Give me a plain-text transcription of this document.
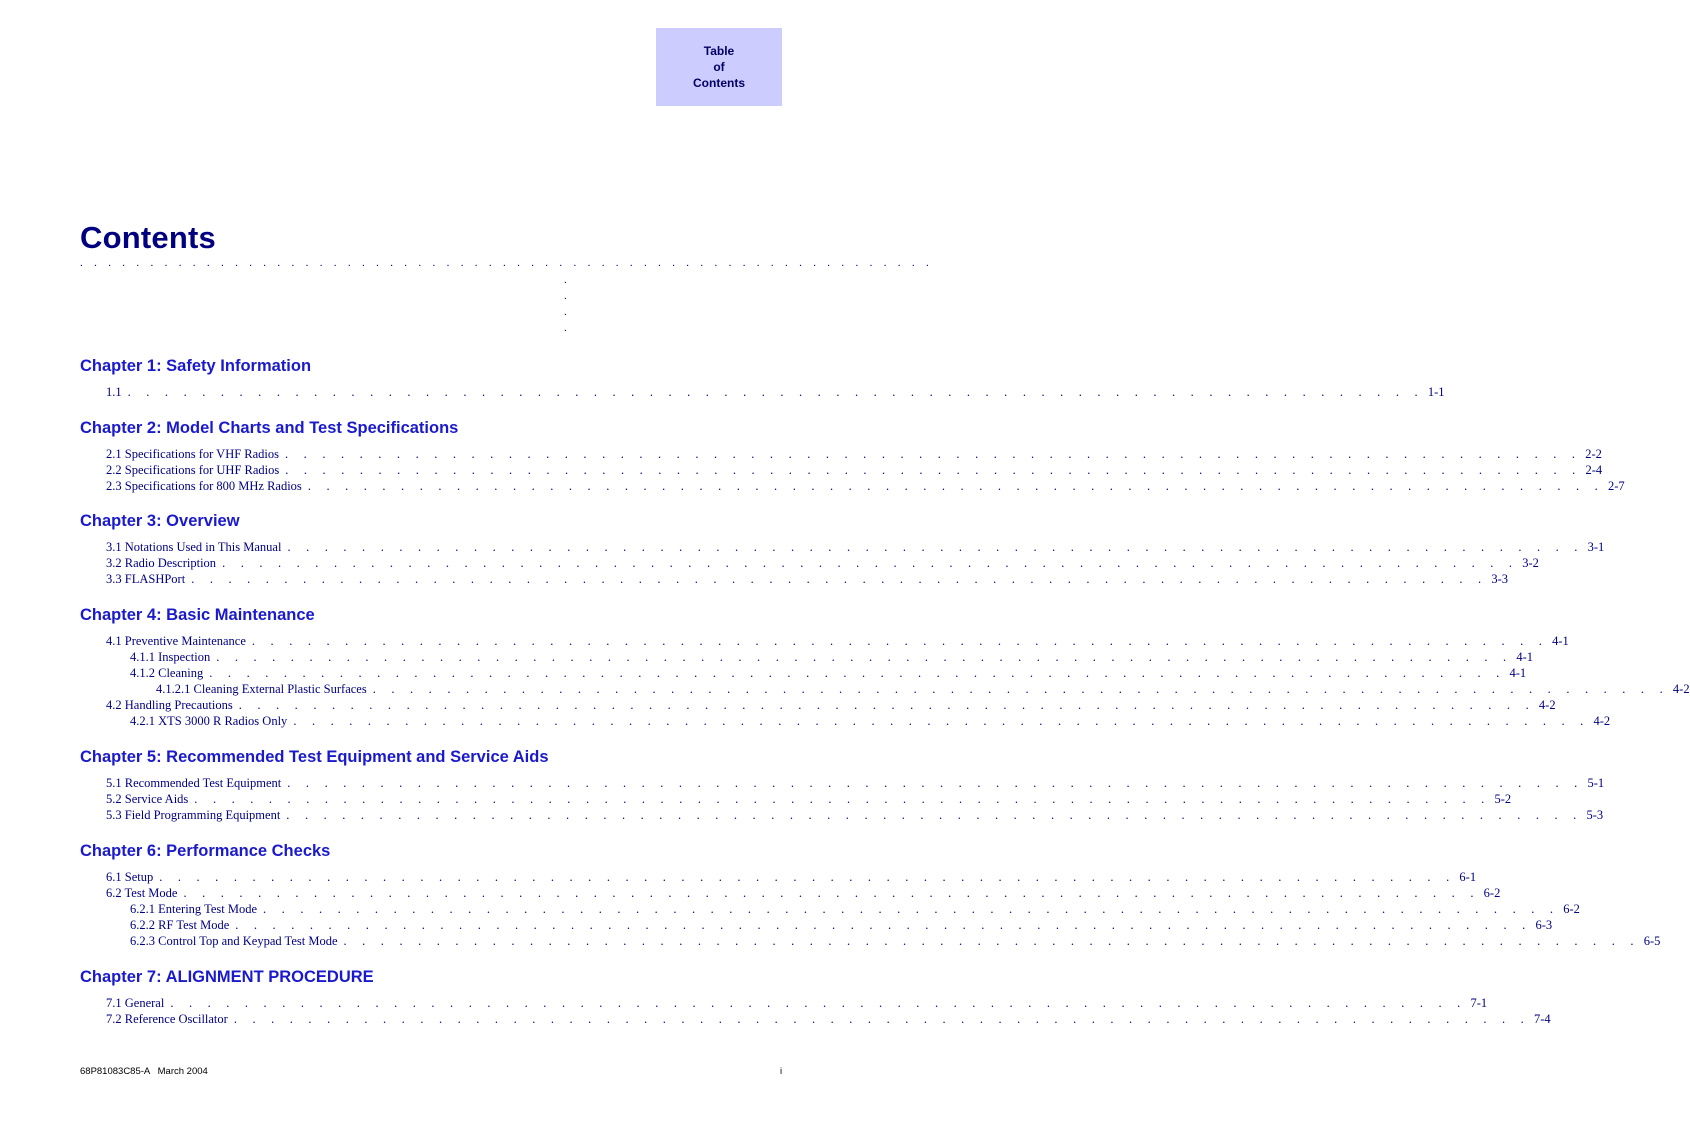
Table
of
Contents
Contents
. . . . . . . . . . . . . . . . . . . . . . . . . . . . . . . . . . . . . . . . . . . . . . . . . . . . . . . . . . . . .
.
.
.
.
Chapter 1: Safety Information
1.1 . . . . . . . . . . . . . . . . . . . . . . . . . . . . . . . . . . . . . . . . . . . . . . . . . . . . . . . . . . . . . . . . . . . . . . 1-1
Chapter 2: Model Charts and Test Specifications
2.1 Specifications for VHF Radios . . . . . . . . . . . . . . . . . . . . . . . . . . . . . . . . . . . . . . . . . . . . . . . . . . . . . . . . . . . . . . . . . . . . . . 2-2
2.2 Specifications for UHF Radios . . . . . . . . . . . . . . . . . . . . . . . . . . . . . . . . . . . . . . . . . . . . . . . . . . . . . . . . . . . . . . . . . . . . . . 2-4
2.3 Specifications for 800 MHz Radios . . . . . . . . . . . . . . . . . . . . . . . . . . . . . . . . . . . . . . . . . . . . . . . . . . . . . . . . . . . . . . . . . . . . . . 2-7
Chapter 3: Overview
3.1 Notations Used in This Manual . . . . . . . . . . . . . . . . . . . . . . . . . . . . . . . . . . . . . . . . . . . . . . . . . . . . . . . . . . . . . . . . . . . . . . 3-1
3.2 Radio Description . . . . . . . . . . . . . . . . . . . . . . . . . . . . . . . . . . . . . . . . . . . . . . . . . . . . . . . . . . . . . . . . . . . . . . 3-2
3.3 FLASHPort . . . . . . . . . . . . . . . . . . . . . . . . . . . . . . . . . . . . . . . . . . . . . . . . . . . . . . . . . . . . . . . . . . . . . . 3-3
Chapter 4: Basic Maintenance
4.1 Preventive Maintenance . . . . . . . . . . . . . . . . . . . . . . . . . . . . . . . . . . . . . . . . . . . . . . . . . . . . . . . . . . . . . . . . . . . . . . 4-1
4.1.1 Inspection . . . . . . . . . . . . . . . . . . . . . . . . . . . . . . . . . . . . . . . . . . . . . . . . . . . . . . . . . . . . . . . . . . . . . . 4-1
4.1.2 Cleaning . . . . . . . . . . . . . . . . . . . . . . . . . . . . . . . . . . . . . . . . . . . . . . . . . . . . . . . . . . . . . . . . . . . . . . 4-1
4.1.2.1 Cleaning External Plastic Surfaces . . . . . . . . . . . . . . . . . . . . . . . . . . . . . . . . . . . . . . . . . . . . . . . . . . . . . . . . . . . . . . . . . . . . . . 4-2
4.2 Handling Precautions . . . . . . . . . . . . . . . . . . . . . . . . . . . . . . . . . . . . . . . . . . . . . . . . . . . . . . . . . . . . . . . . . . . . . . 4-2
4.2.1 XTS 3000 R Radios Only . . . . . . . . . . . . . . . . . . . . . . . . . . . . . . . . . . . . . . . . . . . . . . . . . . . . . . . . . . . . . . . . . . . . . . 4-2
Chapter 5: Recommended Test Equipment and Service Aids
5.1 Recommended Test Equipment . . . . . . . . . . . . . . . . . . . . . . . . . . . . . . . . . . . . . . . . . . . . . . . . . . . . . . . . . . . . . . . . . . . . . . 5-1
5.2 Service Aids . . . . . . . . . . . . . . . . . . . . . . . . . . . . . . . . . . . . . . . . . . . . . . . . . . . . . . . . . . . . . . . . . . . . . . 5-2
5.3 Field Programming Equipment . . . . . . . . . . . . . . . . . . . . . . . . . . . . . . . . . . . . . . . . . . . . . . . . . . . . . . . . . . . . . . . . . . . . . . 5-3
Chapter 6: Performance Checks
6.1 Setup . . . . . . . . . . . . . . . . . . . . . . . . . . . . . . . . . . . . . . . . . . . . . . . . . . . . . . . . . . . . . . . . . . . . . . 6-1
6.2 Test Mode . . . . . . . . . . . . . . . . . . . . . . . . . . . . . . . . . . . . . . . . . . . . . . . . . . . . . . . . . . . . . . . . . . . . . . 6-2
6.2.1 Entering Test Mode . . . . . . . . . . . . . . . . . . . . . . . . . . . . . . . . . . . . . . . . . . . . . . . . . . . . . . . . . . . . . . . . . . . . . . 6-2
6.2.2 RF Test Mode . . . . . . . . . . . . . . . . . . . . . . . . . . . . . . . . . . . . . . . . . . . . . . . . . . . . . . . . . . . . . . . . . . . . . . 6-3
6.2.3 Control Top and Keypad Test Mode . . . . . . . . . . . . . . . . . . . . . . . . . . . . . . . . . . . . . . . . . . . . . . . . . . . . . . . . . . . . . . . . . . . . . . 6-5
Chapter 7: ALIGNMENT PROCEDURE
7.1 General . . . . . . . . . . . . . . . . . . . . . . . . . . . . . . . . . . . . . . . . . . . . . . . . . . . . . . . . . . . . . . . . . . . . . . 7-1
7.2 Reference Oscillator . . . . . . . . . . . . . . . . . . . . . . . . . . . . . . . . . . . . . . . . . . . . . . . . . . . . . . . . . . . . . . . . . . . . . . 7-4
68P81083C85-A   March 2004	i
